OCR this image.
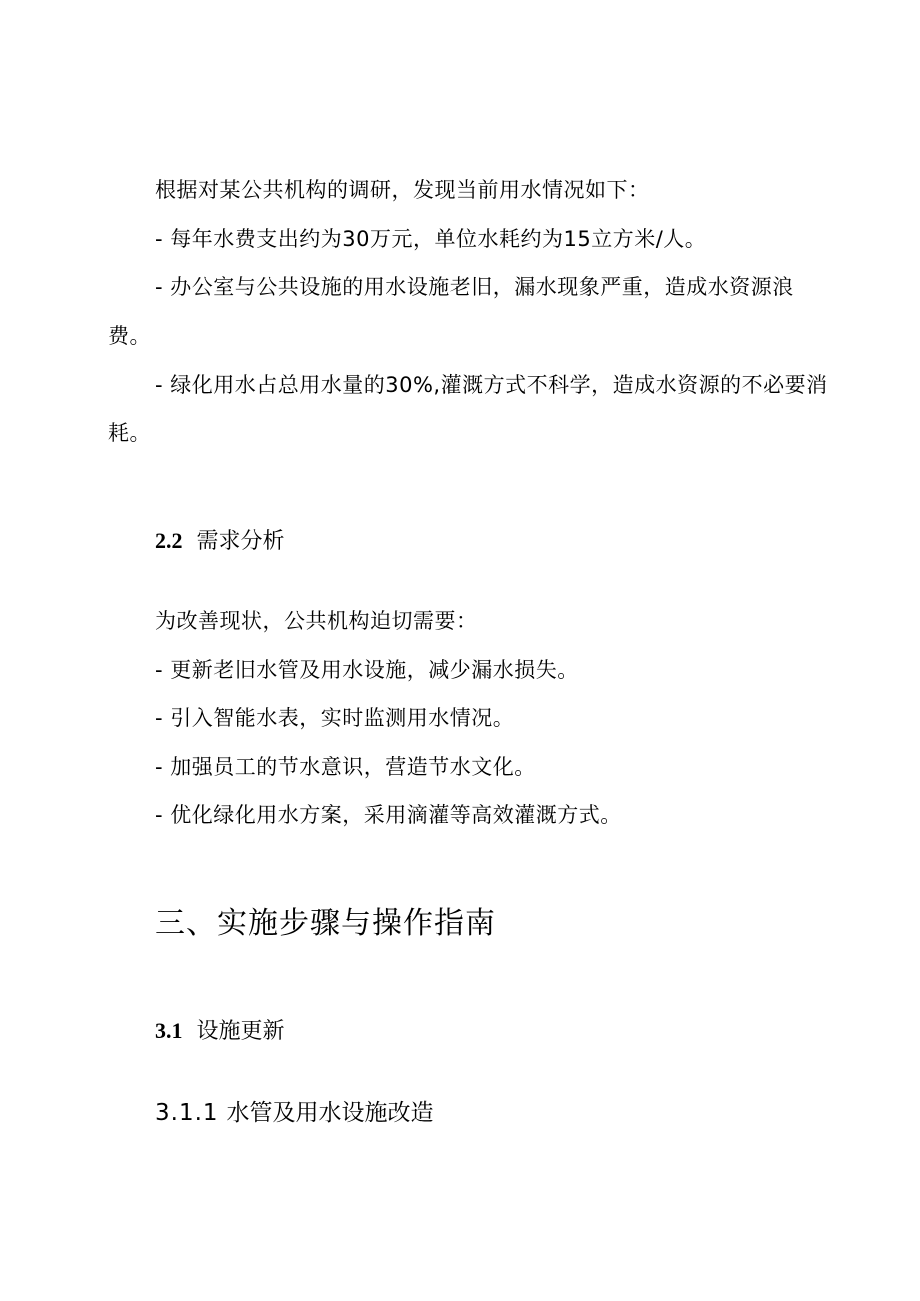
根据对某公共机构的调研，发现当前用水情况如下：
- 每年水费支出约为30万元，单位水耗约为15立方米/人。
- 办公室与公共设施的用水设施老旧，漏水现象严重，造成水资源浪
费。
- 绿化用水占总用水量的30%,灌溉方式不科学，造成水资源的不必要消
耗。
2.2 需求分析
为改善现状，公共机构迫切需要：
- 更新老旧水管及用水设施，减少漏水损失。
- 引入智能水表，实时监测用水情况。
- 加强员工的节水意识，营造节水文化。
- 优化绿化用水方案，采用滴灌等高效灌溉方式。
三、实施步骤与操作指南
3.1 设施更新
3.1.1 水管及用水设施改造
